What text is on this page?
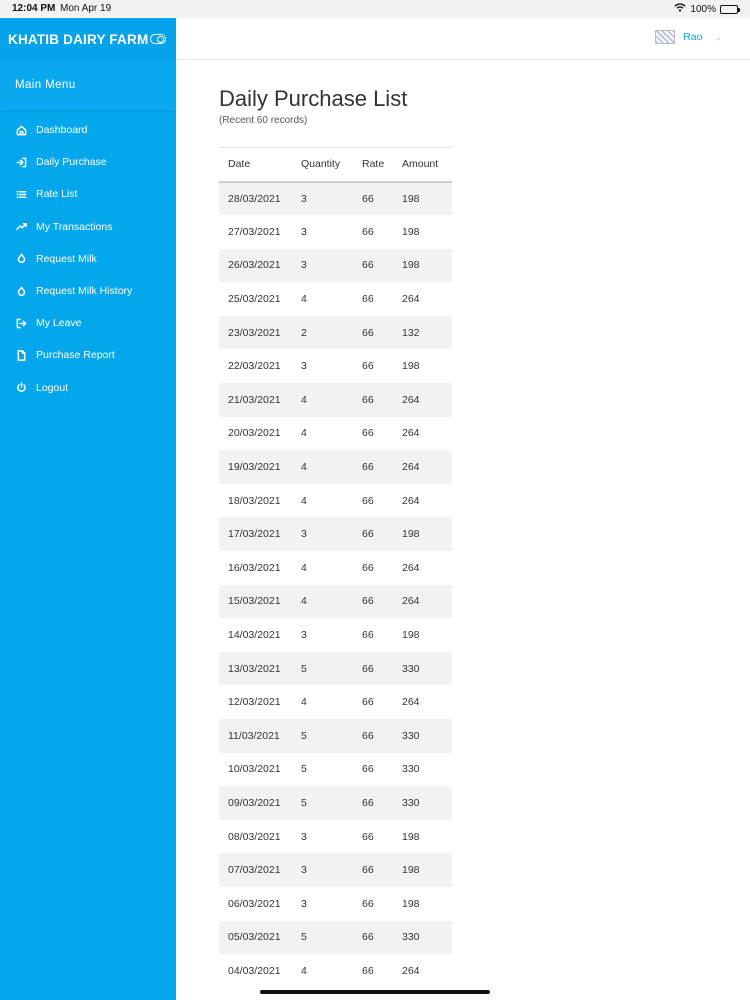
12:04 PM Mon Apr 19	100%
KHATIB DAIRY FARM
Main Menu
Dashboard
Daily Purchase
Rate List
My Transactions
Request Milk
Request Milk History
My Leave
Purchase Report
Logout
Rao ⌄
Daily Purchase List
(Recent 60 records)
Date	Quantity	Rate	Amount
28/03/2021	3	66	198
27/03/2021	3	66	198
26/03/2021	3	66	198
25/03/2021	4	66	264
23/03/2021	2	66	132
22/03/2021	3	66	198
21/03/2021	4	66	264
20/03/2021	4	66	264
19/03/2021	4	66	264
18/03/2021	4	66	264
17/03/2021	3	66	198
16/03/2021	4	66	264
15/03/2021	4	66	264
14/03/2021	3	66	198
13/03/2021	5	66	330
12/03/2021	4	66	264
11/03/2021	5	66	330
10/03/2021	5	66	330
09/03/2021	5	66	330
08/03/2021	3	66	198
07/03/2021	3	66	198
06/03/2021	3	66	198
05/03/2021	5	66	330
04/03/2021	4	66	264
